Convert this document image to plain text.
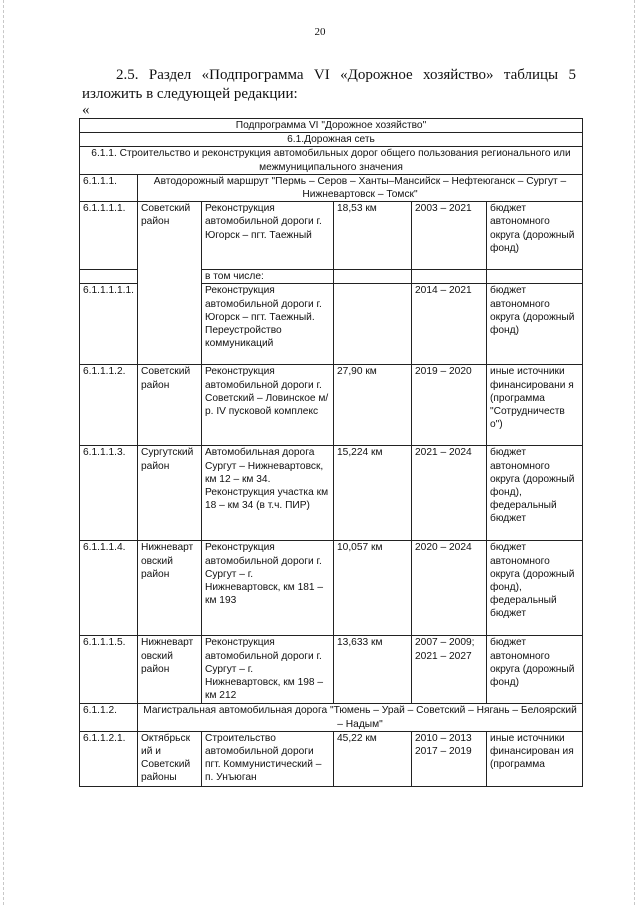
20
2.5. Раздел «Подпрограмма VI «Дорожное хозяйство» таблицы 5
изложить в следующей редакции:
«
Подпрограмма VI "Дорожное хозяйство"					
6.1.Дорожная сеть					
6.1.1. Строительство и реконструкция автомобильных дорог общего пользования регионального или межмуниципального значения					
6.1.1.1.	Автодорожный маршрут "Пермь – Серов – Ханты–Мансийск – Нефтеюганск – Сургут – Нижневартовск – Томск"				
6.1.1.1.1.	Советский район	Реконструкция автомобильной дороги г. Югорск – пгт. Таежный	18,53 км	2003 – 2021	бюджет автономного округа (дорожный фонд)
		в том числе:			
6.1.1.1.1.1.		Реконструкция автомобильной дороги г. Югорск – пгт. Таежный. Переустройство коммуникаций		2014 – 2021	бюджет автономного округа (дорожный фонд)
6.1.1.1.2.	Советский район	Реконструкция автомобильной дороги г. Советский – Ловинское м/р. IV пусковой комплекс	27,90 км	2019 – 2020	иные источники финансировани я (программа "Сотрудничеств о")
6.1.1.1.3.	Сургутский район	Автомобильная дорога Сургут – Нижневартовск, км 12 – км 34. Реконструкция участка км 18 – км 34 (в т.ч. ПИР)	15,224 км	2021 – 2024	бюджет автономного округа (дорожный фонд), федеральный бюджет
6.1.1.1.4.	Нижневарт овский район	Реконструкция автомобильной дороги г. Сургут – г. Нижневартовск, км 181 – км 193	10,057 км	2020 – 2024	бюджет автономного округа (дорожный фонд), федеральный бюджет
6.1.1.1.5.	Нижневарт овский район	Реконструкция автомобильной дороги г. Сургут – г. Нижневартовск, км 198 – км 212	13,633 км	2007 – 2009; 2021 – 2027	бюджет автономного округа (дорожный фонд)
6.1.1.2.	Магистральная автомобильная дорога "Тюмень – Урай – Советский – Нягань – Белоярский – Надым"				
6.1.1.2.1.	Октябрьск ий и Советский районы	Строительство автомобильной дороги пгт. Коммунистический – п. Унъюган	45,22 км	2010 – 2013 2017 – 2019	иные источники финансирован ия (программа
